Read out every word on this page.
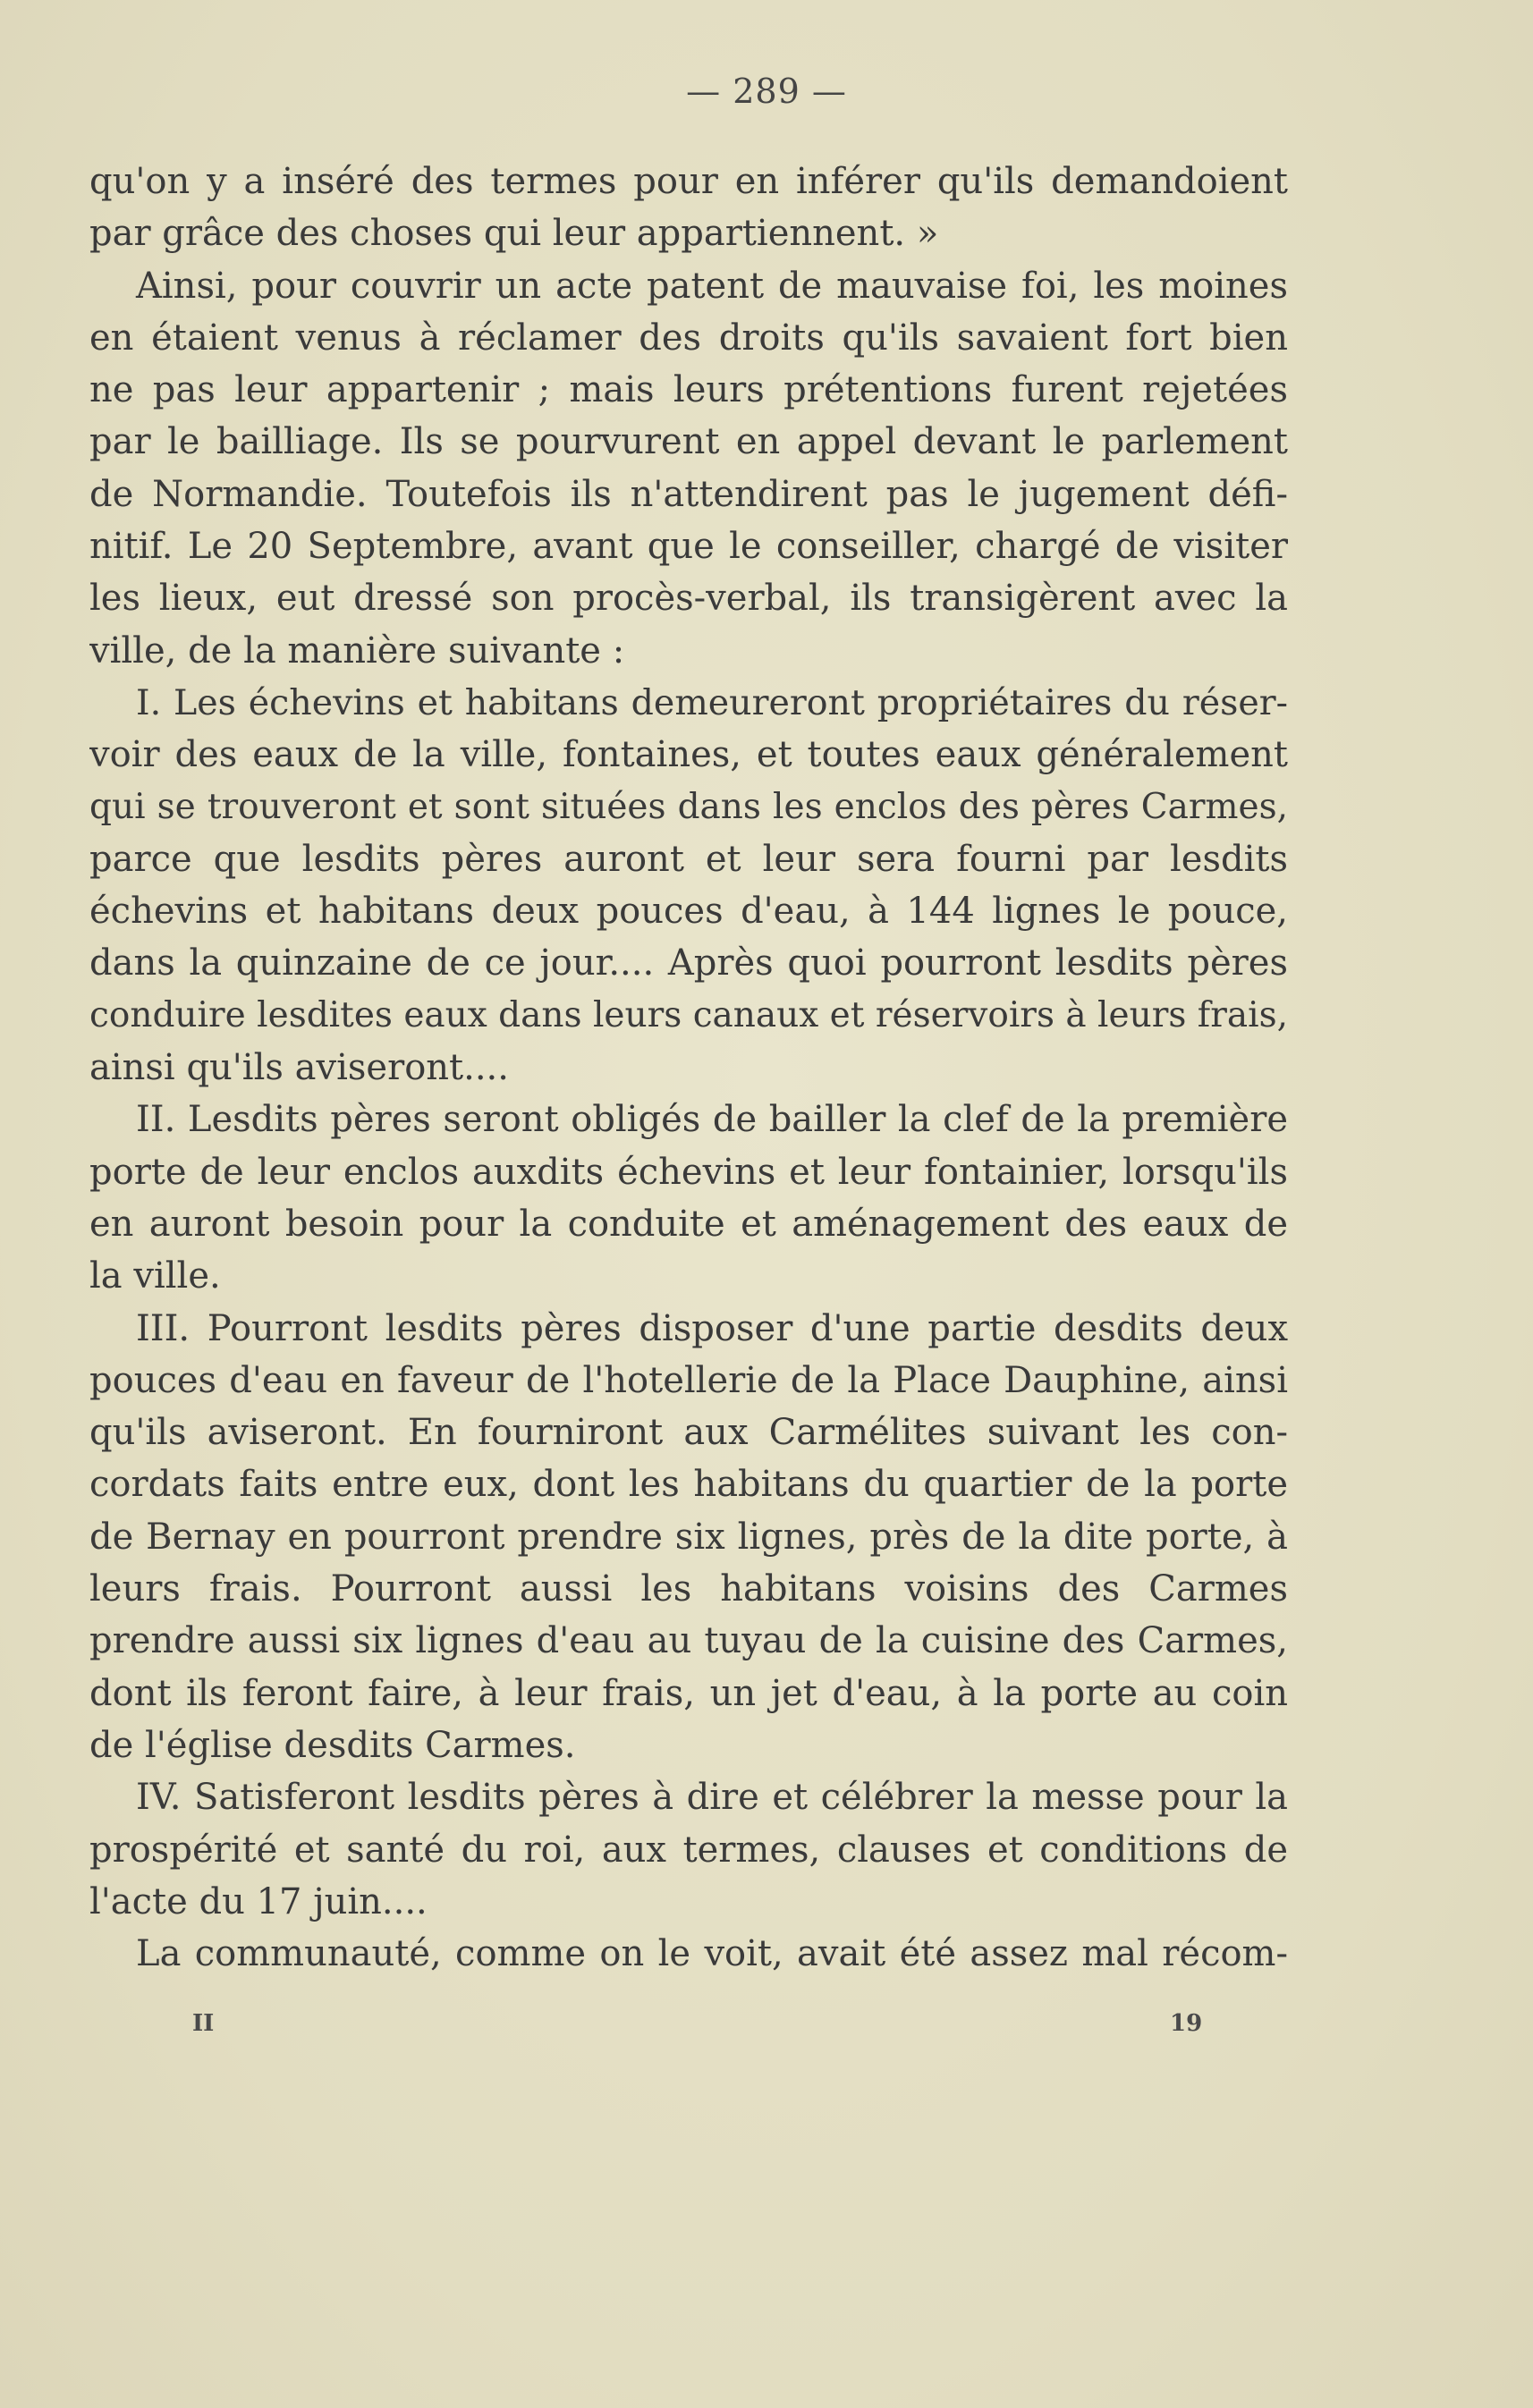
— 289 —
qu'on y a inséré des termes pour en inférer qu'ils demandoient
par grâce des choses qui leur appartiennent. »
Ainsi, pour couvrir un acte patent de mauvaise foi, les moines
en étaient venus à réclamer des droits qu'ils savaient fort bien
ne pas leur appartenir ; mais leurs prétentions furent rejetées
par le bailliage. Ils se pourvurent en appel devant le parlement
de Normandie. Toutefois ils n'attendirent pas le jugement défi-
nitif. Le 20 Septembre, avant que le conseiller, chargé de visiter
les lieux, eut dressé son procès-verbal, ils transigèrent avec la
ville, de la manière suivante :
I. Les échevins et habitans demeureront propriétaires du réser-
voir des eaux de la ville, fontaines, et toutes eaux généralement
qui se trouveront et sont situées dans les enclos des pères Carmes,
parce que lesdits pères auront et leur sera fourni par lesdits
échevins et habitans deux pouces d'eau, à 144 lignes le pouce,
dans la quinzaine de ce jour.... Après quoi pourront lesdits pères
conduire lesdites eaux dans leurs canaux et réservoirs à leurs frais,
ainsi qu'ils aviseront....
II. Lesdits pères seront obligés de bailler la clef de la première
porte de leur enclos auxdits échevins et leur fontainier, lorsqu'ils
en auront besoin pour la conduite et aménagement des eaux de
la ville.
III. Pourront lesdits pères disposer d'une partie desdits deux
pouces d'eau en faveur de l'hotellerie de la Place Dauphine, ainsi
qu'ils aviseront. En fourniront aux Carmélites suivant les con-
cordats faits entre eux, dont les habitans du quartier de la porte
de Bernay en pourront prendre six lignes, près de la dite porte, à
leurs frais. Pourront aussi les habitans voisins des Carmes
prendre aussi six lignes d'eau au tuyau de la cuisine des Carmes,
dont ils feront faire, à leur frais, un jet d'eau, à la porte au coin
de l'église desdits Carmes.
IV. Satisferont lesdits pères à dire et célébrer la messe pour la
prospérité et santé du roi, aux termes, clauses et conditions de
l'acte du 17 juin....
La communauté, comme on le voit, avait été assez mal récom-
II	19
